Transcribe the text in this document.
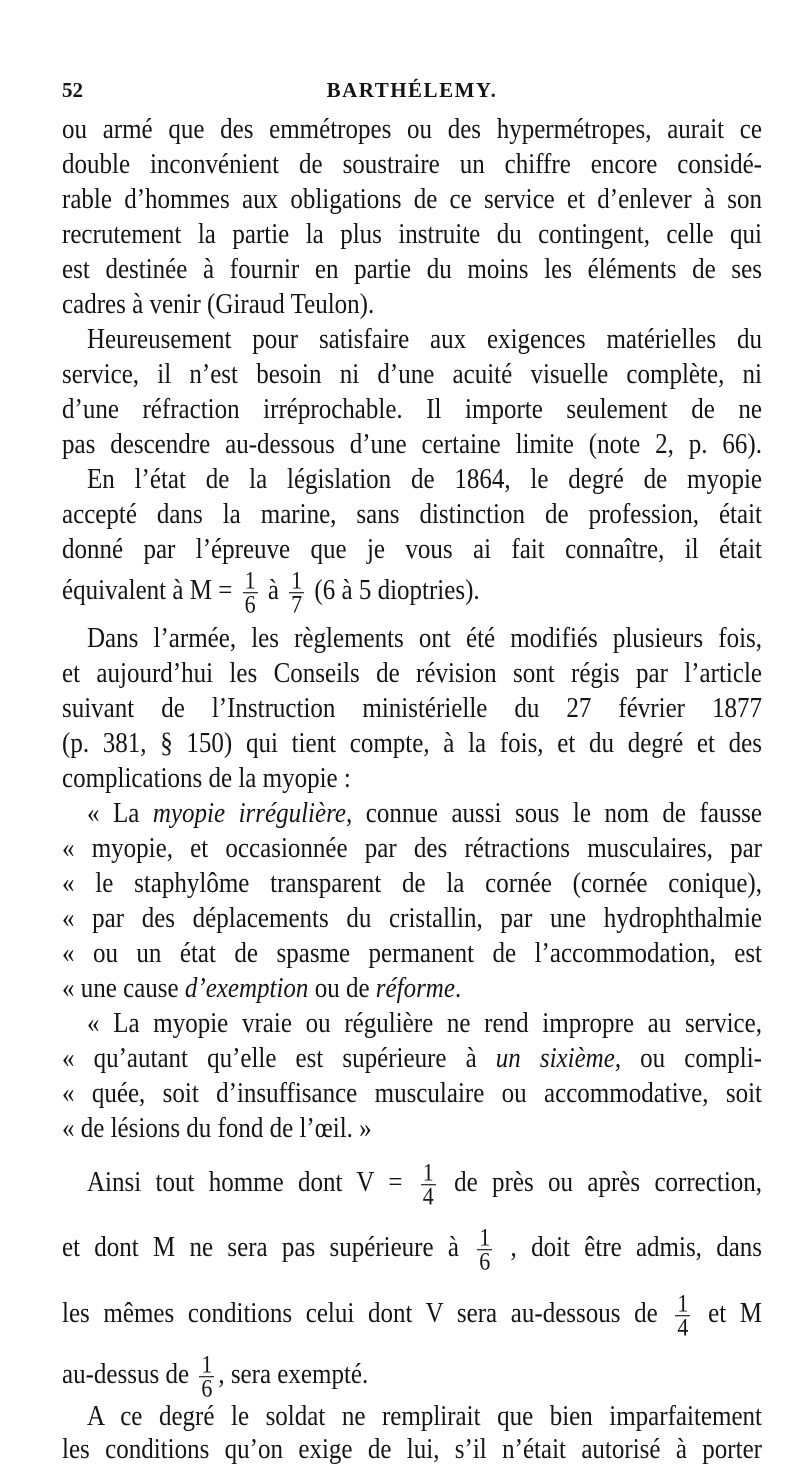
52	BARTHÉLEMY.
ou armé que des emmétropes ou des hypermétropes, aurait ce
double inconvénient de soustraire un chiffre encore considé-
rable d’hommes aux obligations de ce service et d’enlever à son
recrutement la partie la plus instruite du contingent, celle qui
est destinée à fournir en partie du moins les éléments de ses
cadres à venir (Giraud Teulon).
Heureusement pour satisfaire aux exigences matérielles du
service, il n’est besoin ni d’une acuité visuelle complète, ni
d’une réfraction irréprochable. Il importe seulement de ne
pas descendre au-dessous d’une certaine limite (note 2, p. 66).
En l’état de la législation de 1864, le degré de myopie
accepté dans la marine, sans distinction de profession, était
donné par l’épreuve que je vous ai fait connaître, il était
équivalent à $M = \frac{1}{6}$ à $\frac{1}{7} (6$ à 5 dioptries).
Dans l’armée, les règlements ont été modifiés plusieurs fois,
et aujourd’hui les Conseils de révision sont régis par l’article
suivant de l’Instruction ministérielle du 27 février 1877
(p. 381, § 150) qui tient compte, à la fois, et du degré et des
complications de la myopie :
« La myopie irrégulière, connue aussi sous le nom de fausse
« myopie, et occasionnée par des rétractions musculaires, par
« le staphylôme transparent de la cornée (cornée conique),
« par des déplacements du cristallin, par une hydrophthalmie
« ou un état de spasme permanent de l’accommodation, est
« une cause d’exemption ou de réforme.
« La myopie vraie ou régulière ne rend impropre au service,
« qu’autant qu’elle est supérieure à un sixième, ou compli-
« quée, soit d’insuffisance musculaire ou accommodative, soit
« de lésions du fond de l’œil. »
Ainsi tout homme dont $V = \frac{1}{4}$ de près ou après correction,
et dont M ne sera pas supérieure à $\frac{1}{6}$ , doit être admis, dans
les mêmes conditions celui dont V sera au-dessous de $\frac{1}{4}$ et M
au-dessus de $\frac{1}{6}$ , sera exempté.
A ce degré le soldat ne remplirait que bien imparfaitement
les conditions qu’on exige de lui, s’il n’était autorisé à porter
